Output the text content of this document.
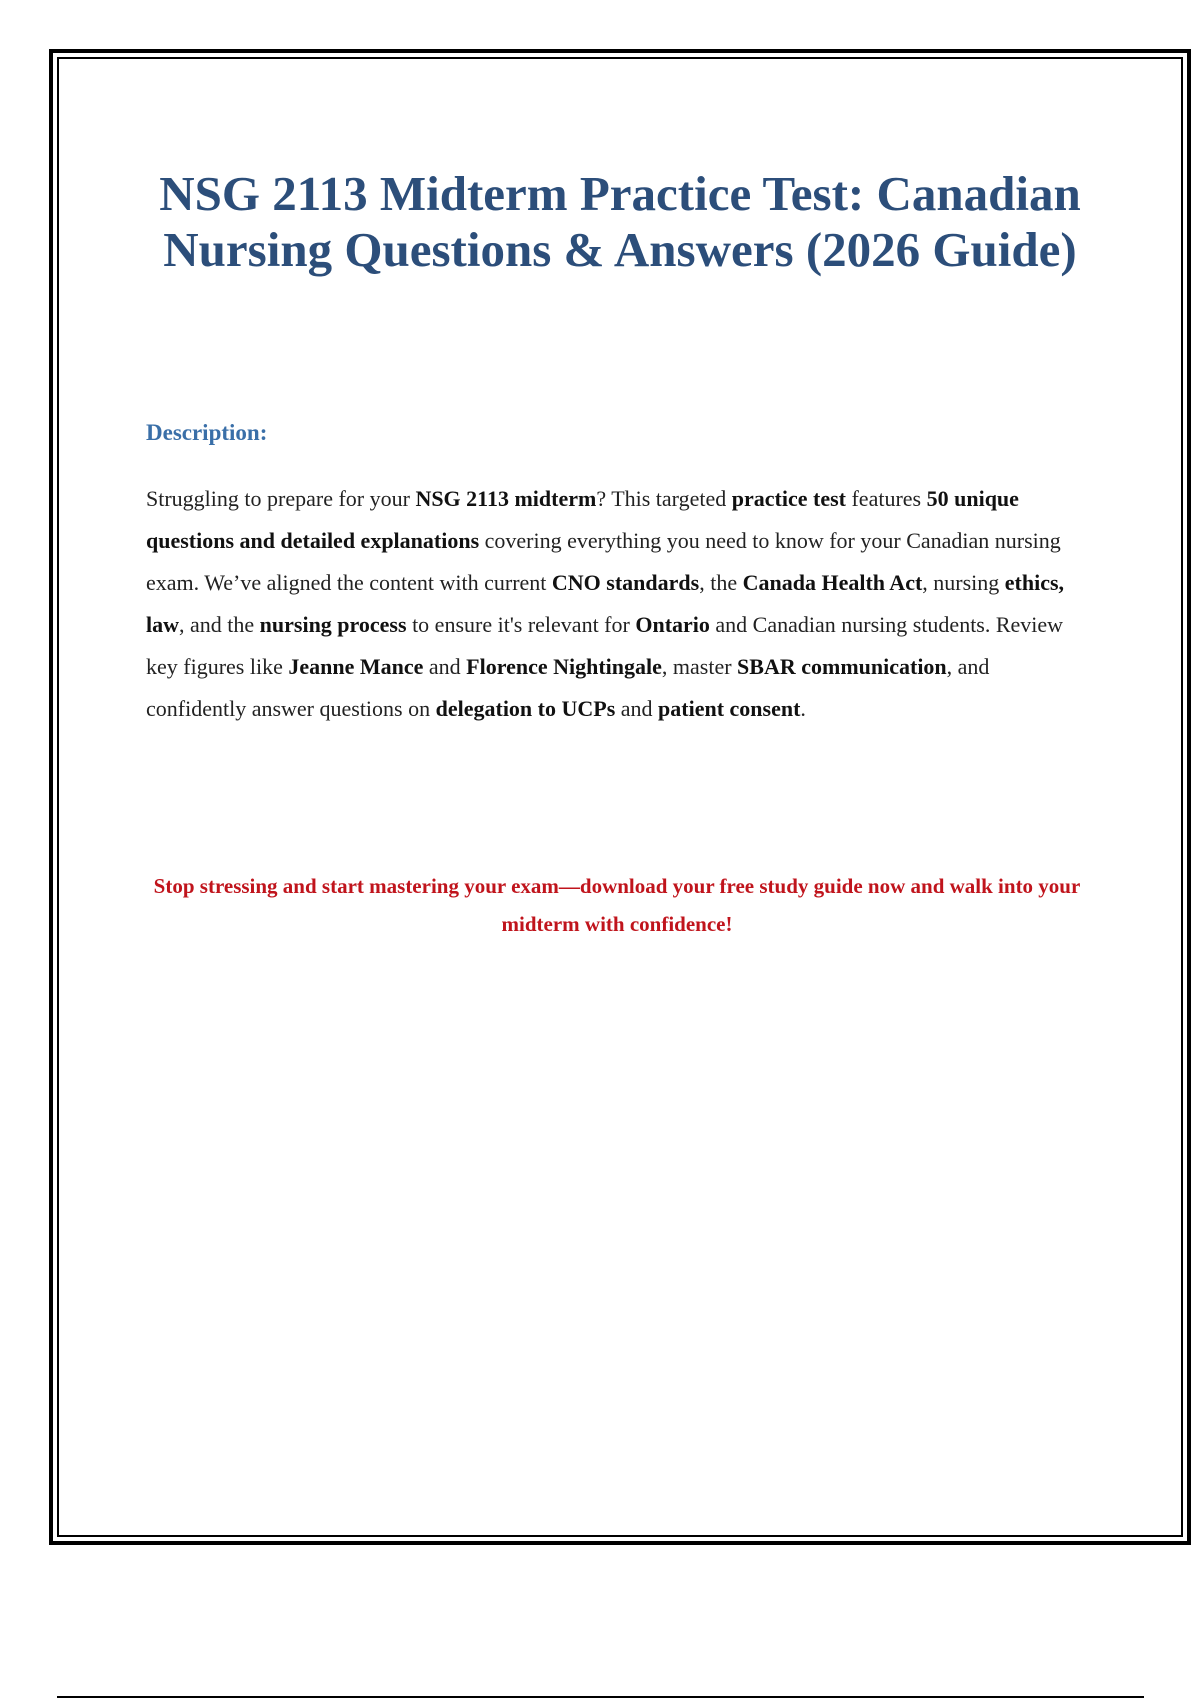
NSG 2113 Midterm Practice Test: Canadian Nursing Questions & Answers (2026 Guide)
Description:

Struggling to prepare for your NSG 2113 midterm? This targeted practice test features 50 unique questions and detailed explanations covering everything you need to know for your Canadian nursing exam. We’ve aligned the content with current CNO standards, the Canada Health Act, nursing ethics, law, and the nursing process to ensure it's relevant for Ontario and Canadian nursing students. Review key figures like Jeanne Mance and Florence Nightingale, master SBAR communication, and confidently answer questions on delegation to UCPs and patient consent.

Stop stressing and start mastering your exam—download your free study guide now and walk into your midterm with confidence!
